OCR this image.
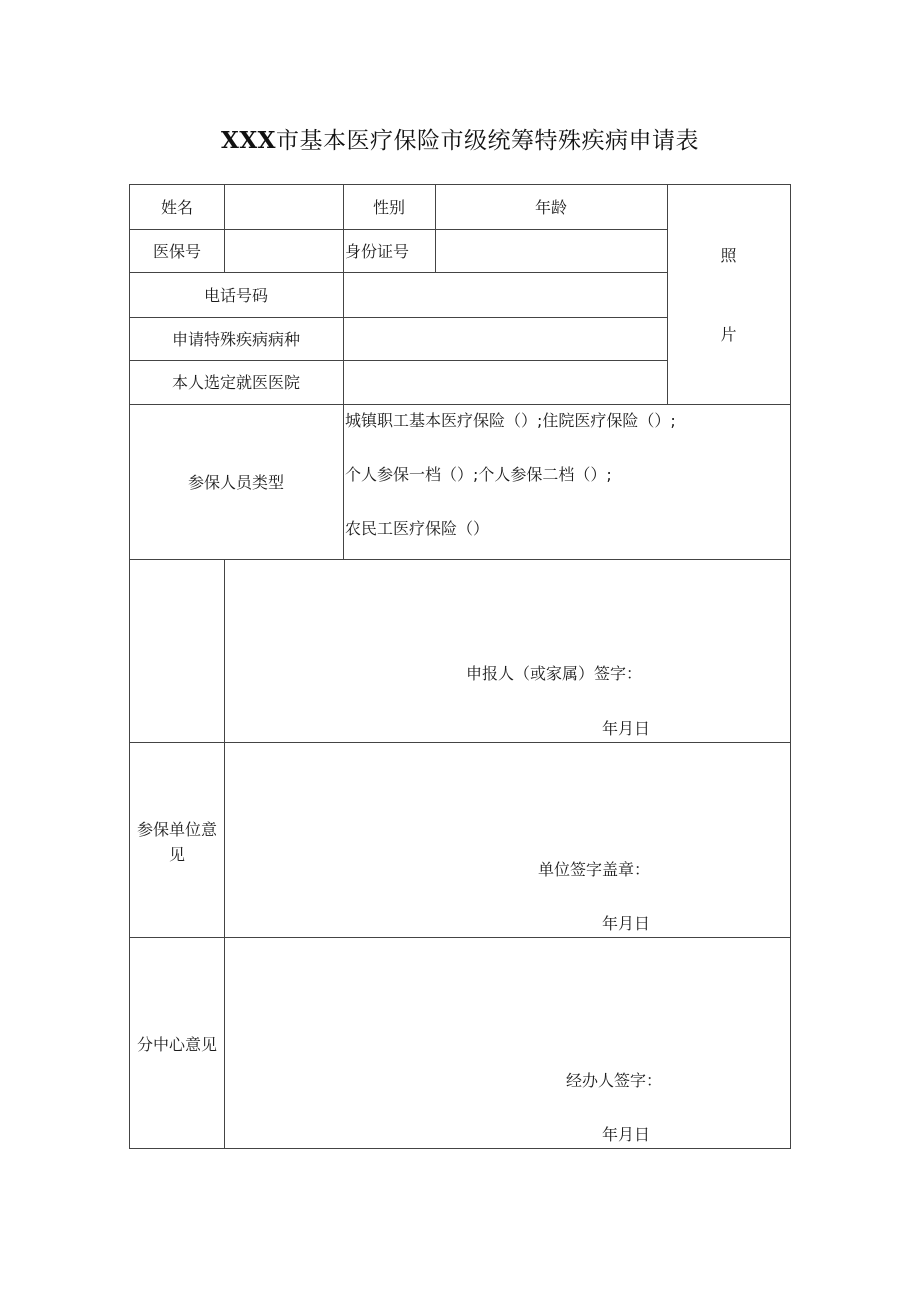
XXX市基本医疗保险市级统筹特殊疾病申请表
姓名	性别	年龄
照
片
医保号	身份证号
电话号码
申请特殊疾病病种
本人选定就医医院
参保人员类型
城镇职工基本医疗保险（）;住院医疗保险（）;
个人参保一档（）;个人参保二档（）;
农民工医疗保险（）
申报人（或家属）签字：
年月日
参保单位意
见
单位签字盖章：
年月日
分中心意见
经办人签字：
年月日
